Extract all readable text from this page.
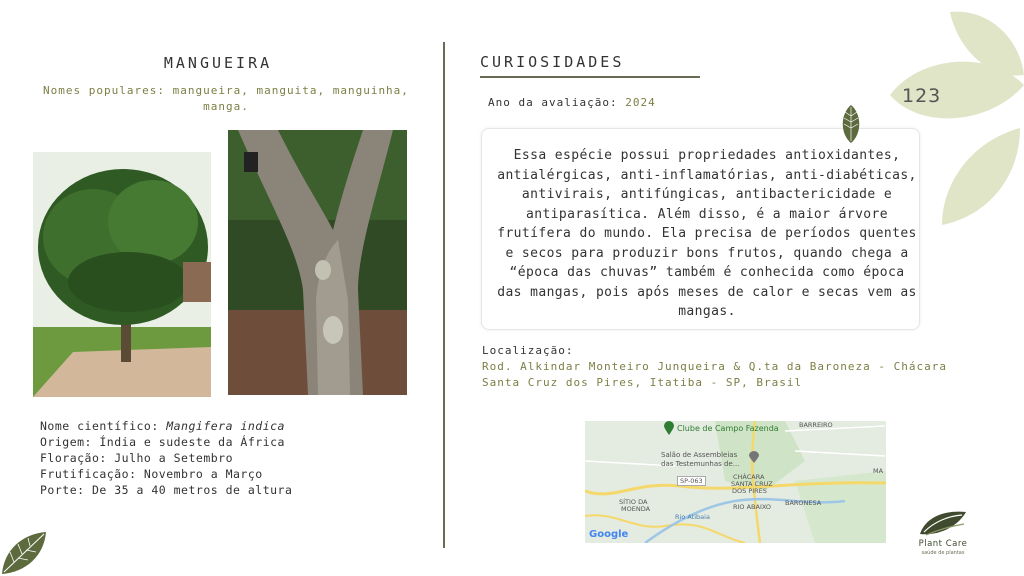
MANGUEIRA
Nomes populares: mangueira, manguita, manguinha, manga.
Nome científico: Mangifera indica
Origem: Índia e sudeste da África
Floração: Julho a Setembro
Frutificação: Novembro a Março
Porte: De 35 a 40 metros de altura
CURIOSIDADES
Ano da avaliação: 2024	123
Essa espécie possui propriedades antioxidantes, antialérgicas, anti-inflamatórias, anti-diabéticas, antivirais, antifúngicas, antibactericidade e antiparasítica. Além disso, é a maior árvore frutífera do mundo. Ela precisa de períodos quentes e secos para produzir bons frutos, quando chega a “época das chuvas” também é conhecida como época das mangas, pois após meses de calor e secas vem as mangas.
Localização:
Rod. Alkindar Monteiro Junqueira & Q.ta da Baroneza - Chácara Santa Cruz dos Pires, Itatiba - SP, Brasil
Clube de Campo Fazenda	BARREIRO
Salão de Assembleias
das Testemunhas de...
SP-063	CHÁCARA
SANTA CRUZ
DOS PIRES
SÍTIO DA
MOENDA
BARONESA
RIO ABAIXO
Rio Atibaia
MA
Google
Plant Care
saúde de plantas
